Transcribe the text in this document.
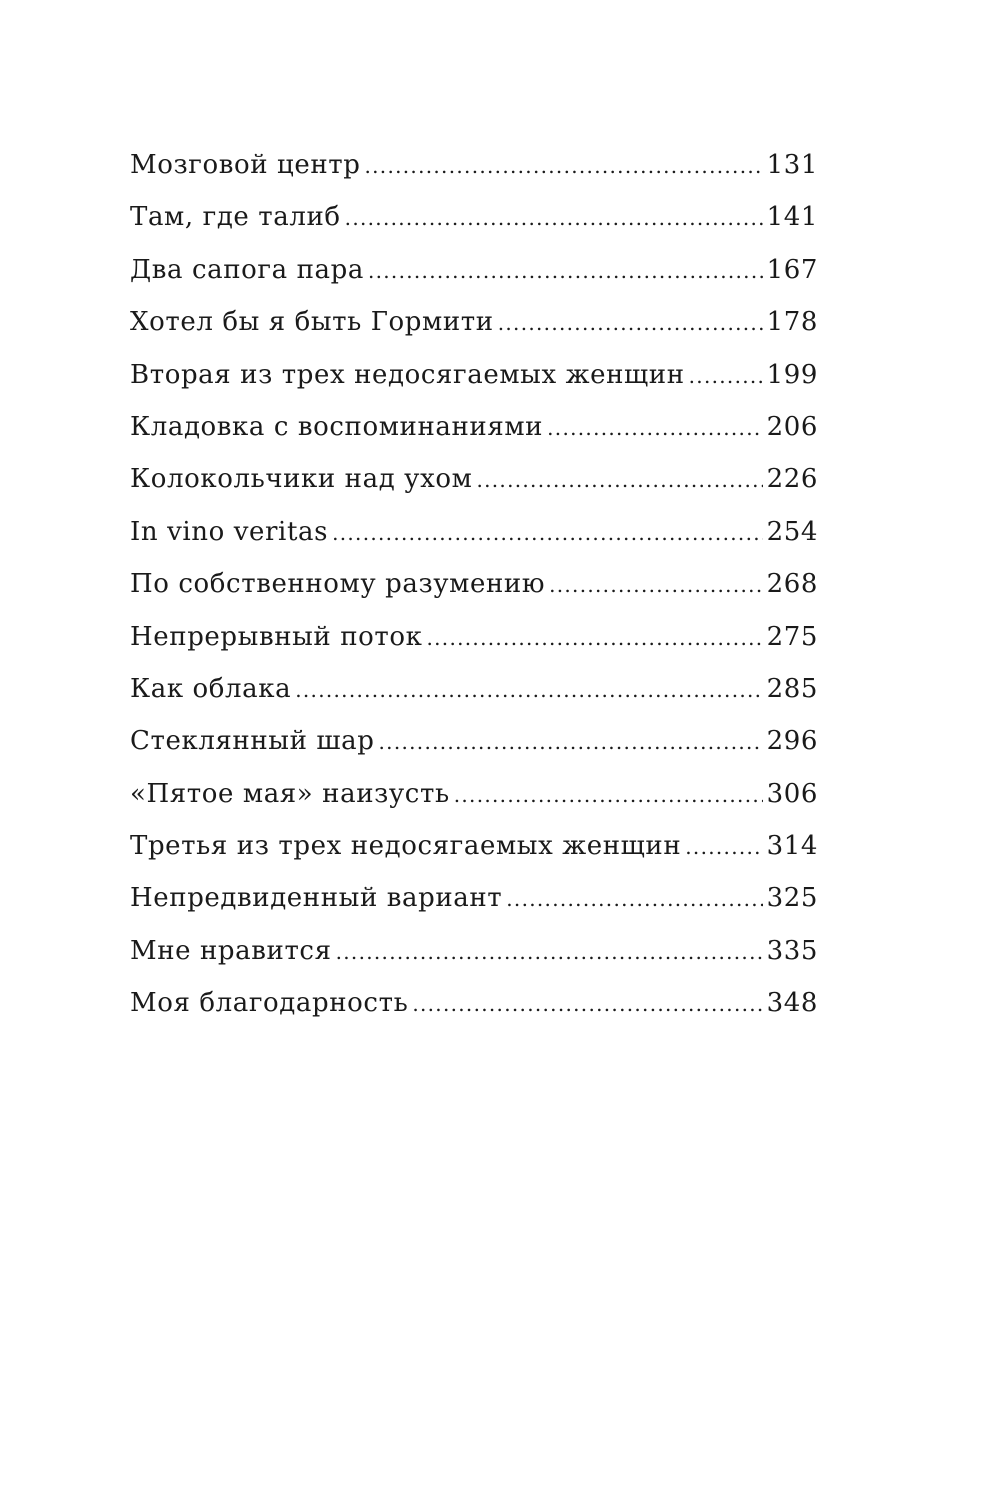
Мозговой центр .....	131
Там, где талиб .....	141
Два сапога пара .....	167
Хотел бы я быть Гормити .....	178
Вторая из трех недосягаемых женщин .....	199
Кладовка с воспоминаниями .....	206
Колокольчики над ухом .....	226
In vino veritas .....	254
По собственному разумению .....	268
Непрерывный поток .....	275
Как облака .....	285
Стеклянный шар .....	296
«Пятое мая» наизусть .....	306
Третья из трех недосягаемых женщин .....	314
Непредвиденный вариант .....	325
Мне нравится .....	335
Моя благодарность .....	348
